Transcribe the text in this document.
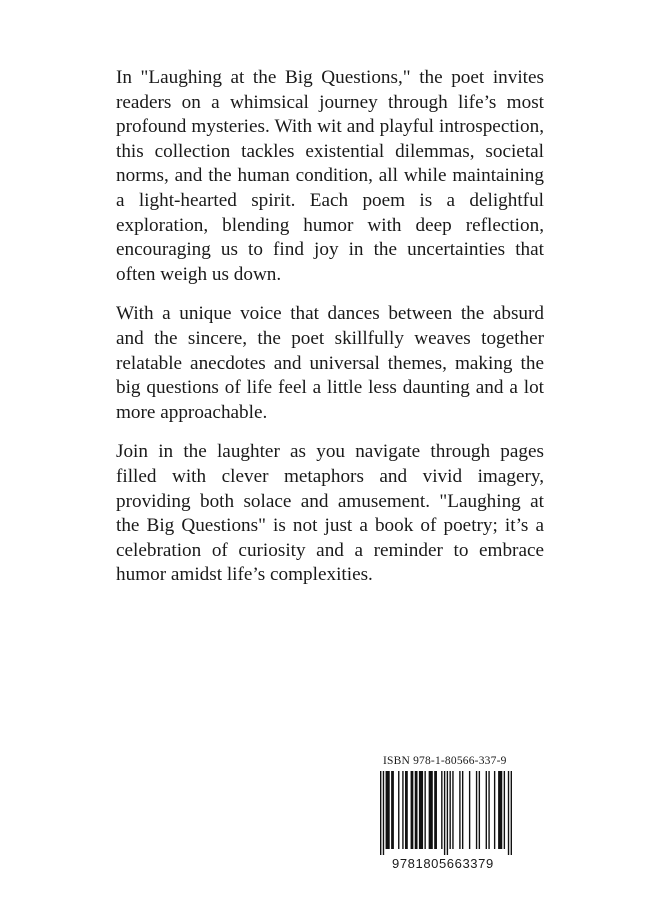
In "Laughing at the Big Questions," the poet invites readers on a whimsical journey through life’s most profound mysteries. With wit and playful introspection, this collection tackles existential dilemmas, societal norms, and the human condition, all while maintaining a light-hearted spirit. Each poem is a delightful exploration, blending humor with deep reflection, encouraging us to find joy in the uncertainties that often weigh us down.

With a unique voice that dances between the absurd and the sincere, the poet skillfully weaves together relatable anecdotes and universal themes, making the big questions of life feel a little less daunting and a lot more approachable.

Join in the laughter as you navigate through pages filled with clever metaphors and vivid imagery, providing both solace and amusement. "Laughing at the Big Questions" is not just a book of poetry; it’s a celebration of curiosity and a reminder to embrace humor amidst life’s complexities.

ISBN 978-1-80566-337-9
9781805663379
